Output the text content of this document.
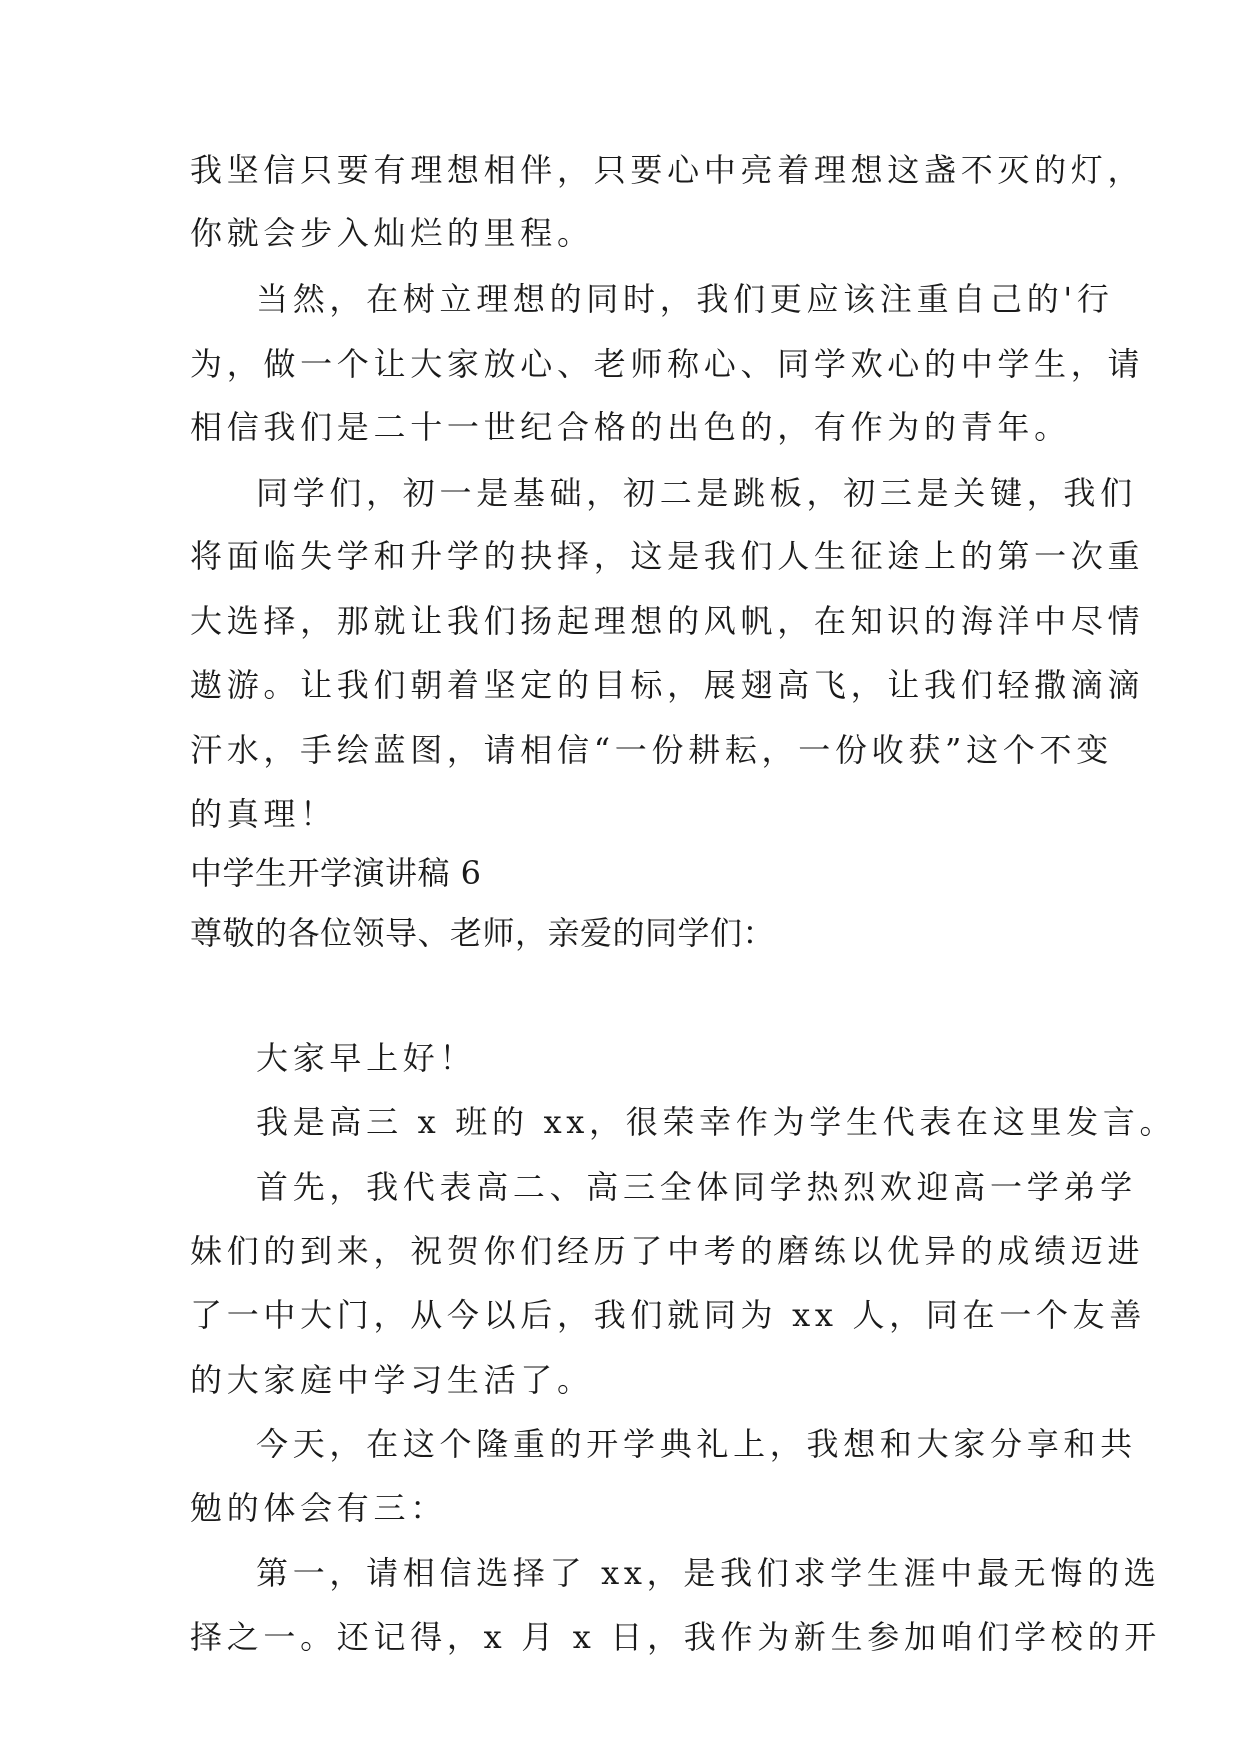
我坚信只要有理想相伴，只要心中亮着理想这盏不灭的灯，
你就会步入灿烂的里程。
当然，在树立理想的同时，我们更应该注重自己的'行
为，做一个让大家放心、老师称心、同学欢心的中学生，请
相信我们是二十一世纪合格的出色的，有作为的青年。
同学们，初一是基础，初二是跳板，初三是关键，我们
将面临失学和升学的抉择，这是我们人生征途上的第一次重
大选择，那就让我们扬起理想的风帆，在知识的海洋中尽情
遨游。让我们朝着坚定的目标，展翅高飞，让我们轻撒滴滴
汗水，手绘蓝图，请相信“一份耕耘，一份收获”这个不变
的真理！
中学生开学演讲稿 6
尊敬的各位领导、老师，亲爱的同学们：
大家早上好！
我是高三 x 班的 xx，很荣幸作为学生代表在这里发言。
首先，我代表高二、高三全体同学热烈欢迎高一学弟学
妹们的到来，祝贺你们经历了中考的磨练以优异的成绩迈进
了一中大门，从今以后，我们就同为 xx 人，同在一个友善
的大家庭中学习生活了。
今天，在这个隆重的开学典礼上，我想和大家分享和共
勉的体会有三：
第一，请相信选择了 xx，是我们求学生涯中最无悔的选
择之一。还记得，x 月 x 日，我作为新生参加咱们学校的开
